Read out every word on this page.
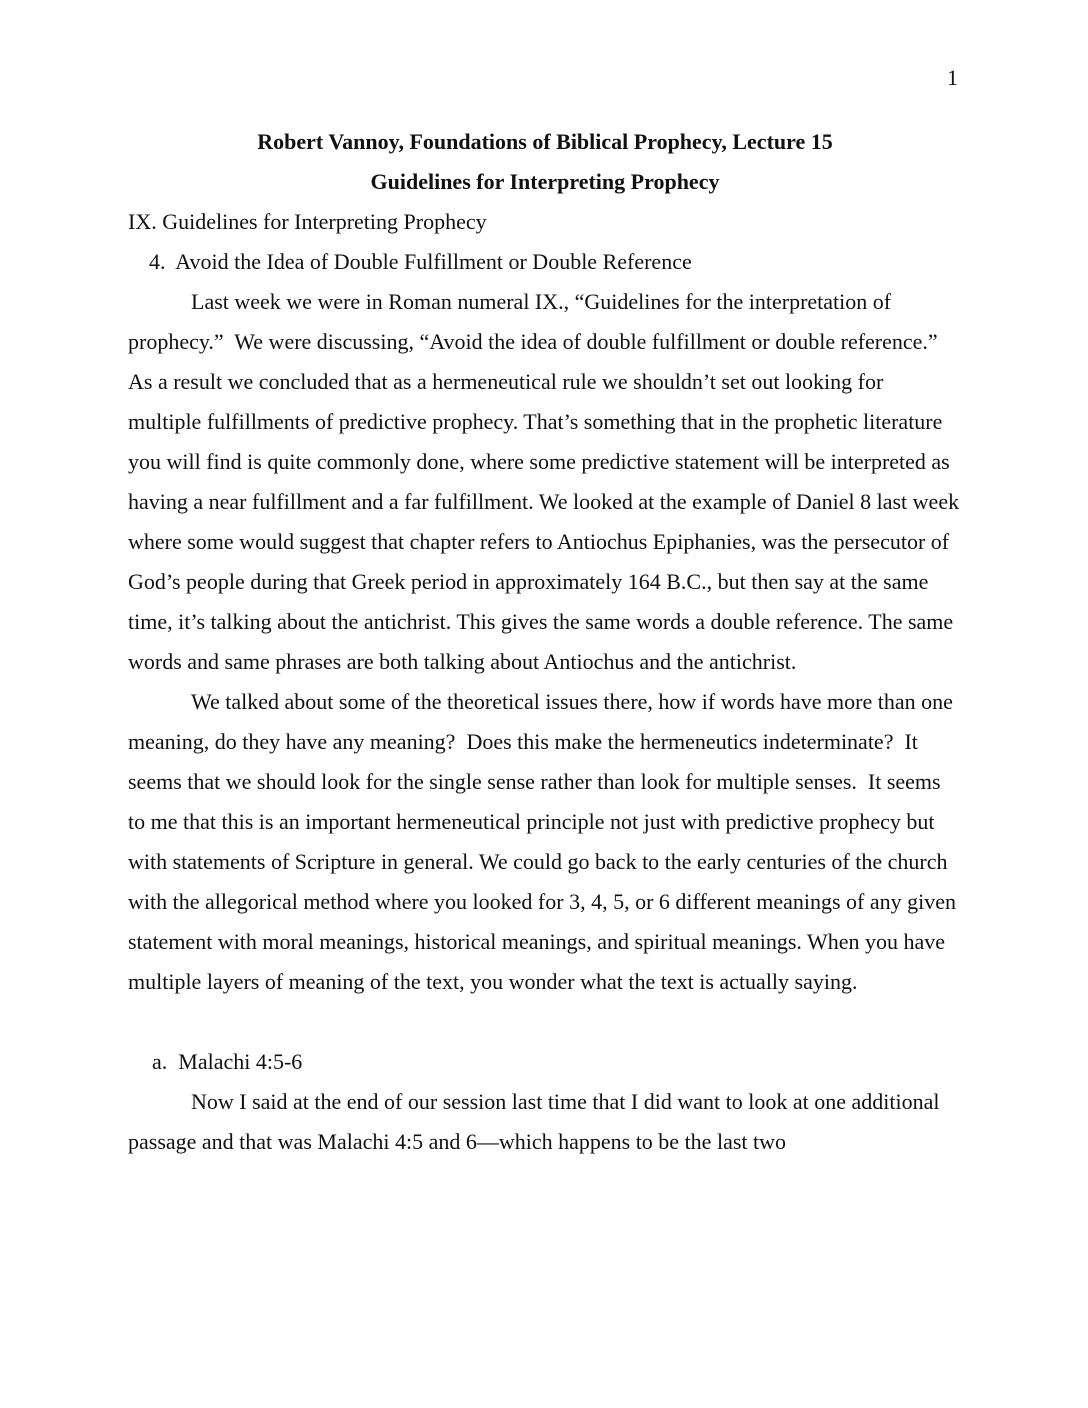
1
Robert Vannoy, Foundations of Biblical Prophecy, Lecture 15
Guidelines for Interpreting Prophecy
IX. Guidelines for Interpreting Prophecy
4.  Avoid the Idea of Double Fulfillment or Double Reference

Last week we were in Roman numeral IX., “Guidelines for the interpretation of prophecy.”  We were discussing, “Avoid the idea of double fulfillment or double reference.” As a result we concluded that as a hermeneutical rule we shouldn’t set out looking for multiple fulfillments of predictive prophecy. That’s something that in the prophetic literature you will find is quite commonly done, where some predictive statement will be interpreted as having a near fulfillment and a far fulfillment. We looked at the example of Daniel 8 last week where some would suggest that chapter refers to Antiochus Epiphanies, was the persecutor of God’s people during that Greek period in approximately 164 B.C., but then say at the same time, it’s talking about the antichrist. This gives the same words a double reference. The same words and same phrases are both talking about Antiochus and the antichrist.

We talked about some of the theoretical issues there, how if words have more than one meaning, do they have any meaning?  Does this make the hermeneutics indeterminate?  It seems that we should look for the single sense rather than look for multiple senses.  It seems to me that this is an important hermeneutical principle not just with predictive prophecy but with statements of Scripture in general. We could go back to the early centuries of the church with the allegorical method where you looked for 3, 4, 5, or 6 different meanings of any given statement with moral meanings, historical meanings, and spiritual meanings. When you have multiple layers of meaning of the text, you wonder what the text is actually saying.

a.  Malachi 4:5-6

Now I said at the end of our session last time that I did want to look at one additional passage and that was Malachi 4:5 and 6—which happens to be the last two
